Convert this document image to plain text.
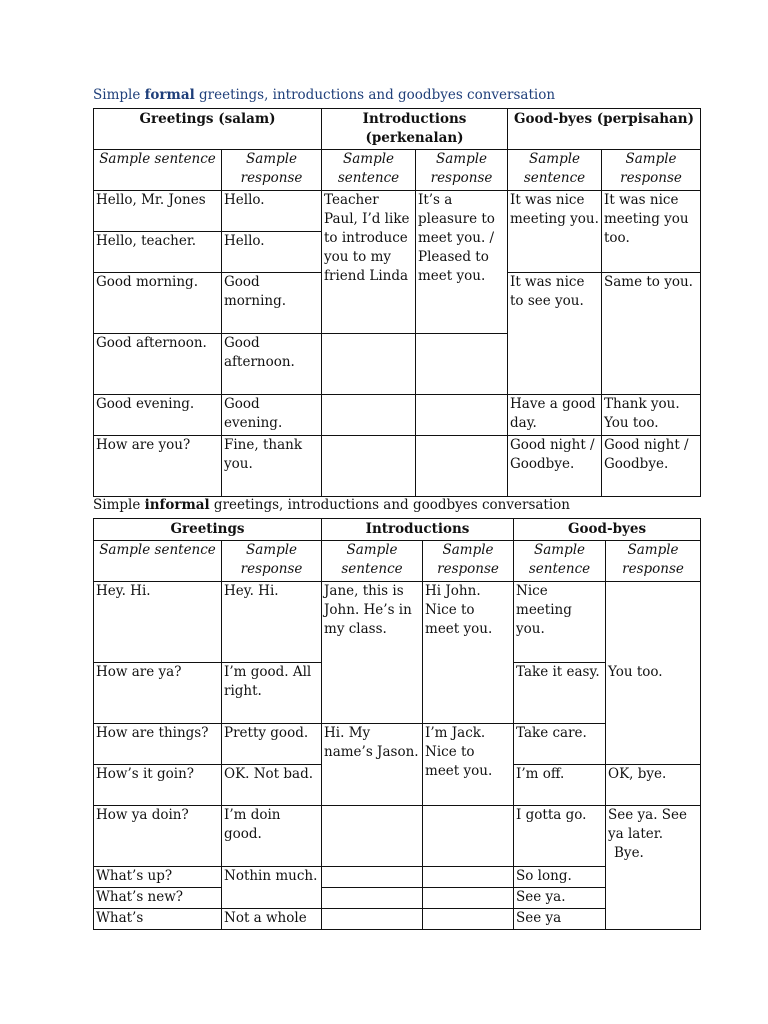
Simple formal greetings, introductions and goodbyes conversation
Greetings (salam)		Introductions (perkenalan)		Good-byes (perpisahan)	
Sample sentence	Sample response	Sample sentence	Sample response	Sample sentence	Sample response
Hello, Mr. Jones	Hello.	Teacher Paul, I’d like to introduce you to my friend Linda	It’s a pleasure to meet you. / Pleased to meet you.	It was nice meeting you.	It was nice meeting you too.
Hello, teacher.	Hello.				
Good morning.	Good morning.			It was nice to see you.	Same to you.
Good afternoon.	Good afternoon.				
Good evening.	Good evening.			Have a good day.	Thank you. You too.
How are you?	Fine, thank you.			Good night / Goodbye.	Good night / Goodbye.
Simple informal greetings, introductions and goodbyes conversation
Greetings		Introductions		Good-byes	
Sample sentence	Sample response	Sample sentence	Sample response	Sample sentence	Sample response
Hey. Hi.	Hey. Hi.	Jane, this is John. He’s in my class.	Hi John. Nice to meet you.	Nice meeting you.	You too.
How are ya?	I’m good. All right.			Take it easy.	
How are things?	Pretty good.	Hi. My name’s Jason.	I’m Jack. Nice to meet you.	Take care.	
How’s it goin?	OK. Not bad.			I’m off.	OK, bye.
How ya doin?	I’m doin good.			I gotta go.	See ya. See ya later.
Bye.

What’s up?	Nothin much.			So long.	
What’s new?				See ya.	
What’s	Not a whole			See ya	
